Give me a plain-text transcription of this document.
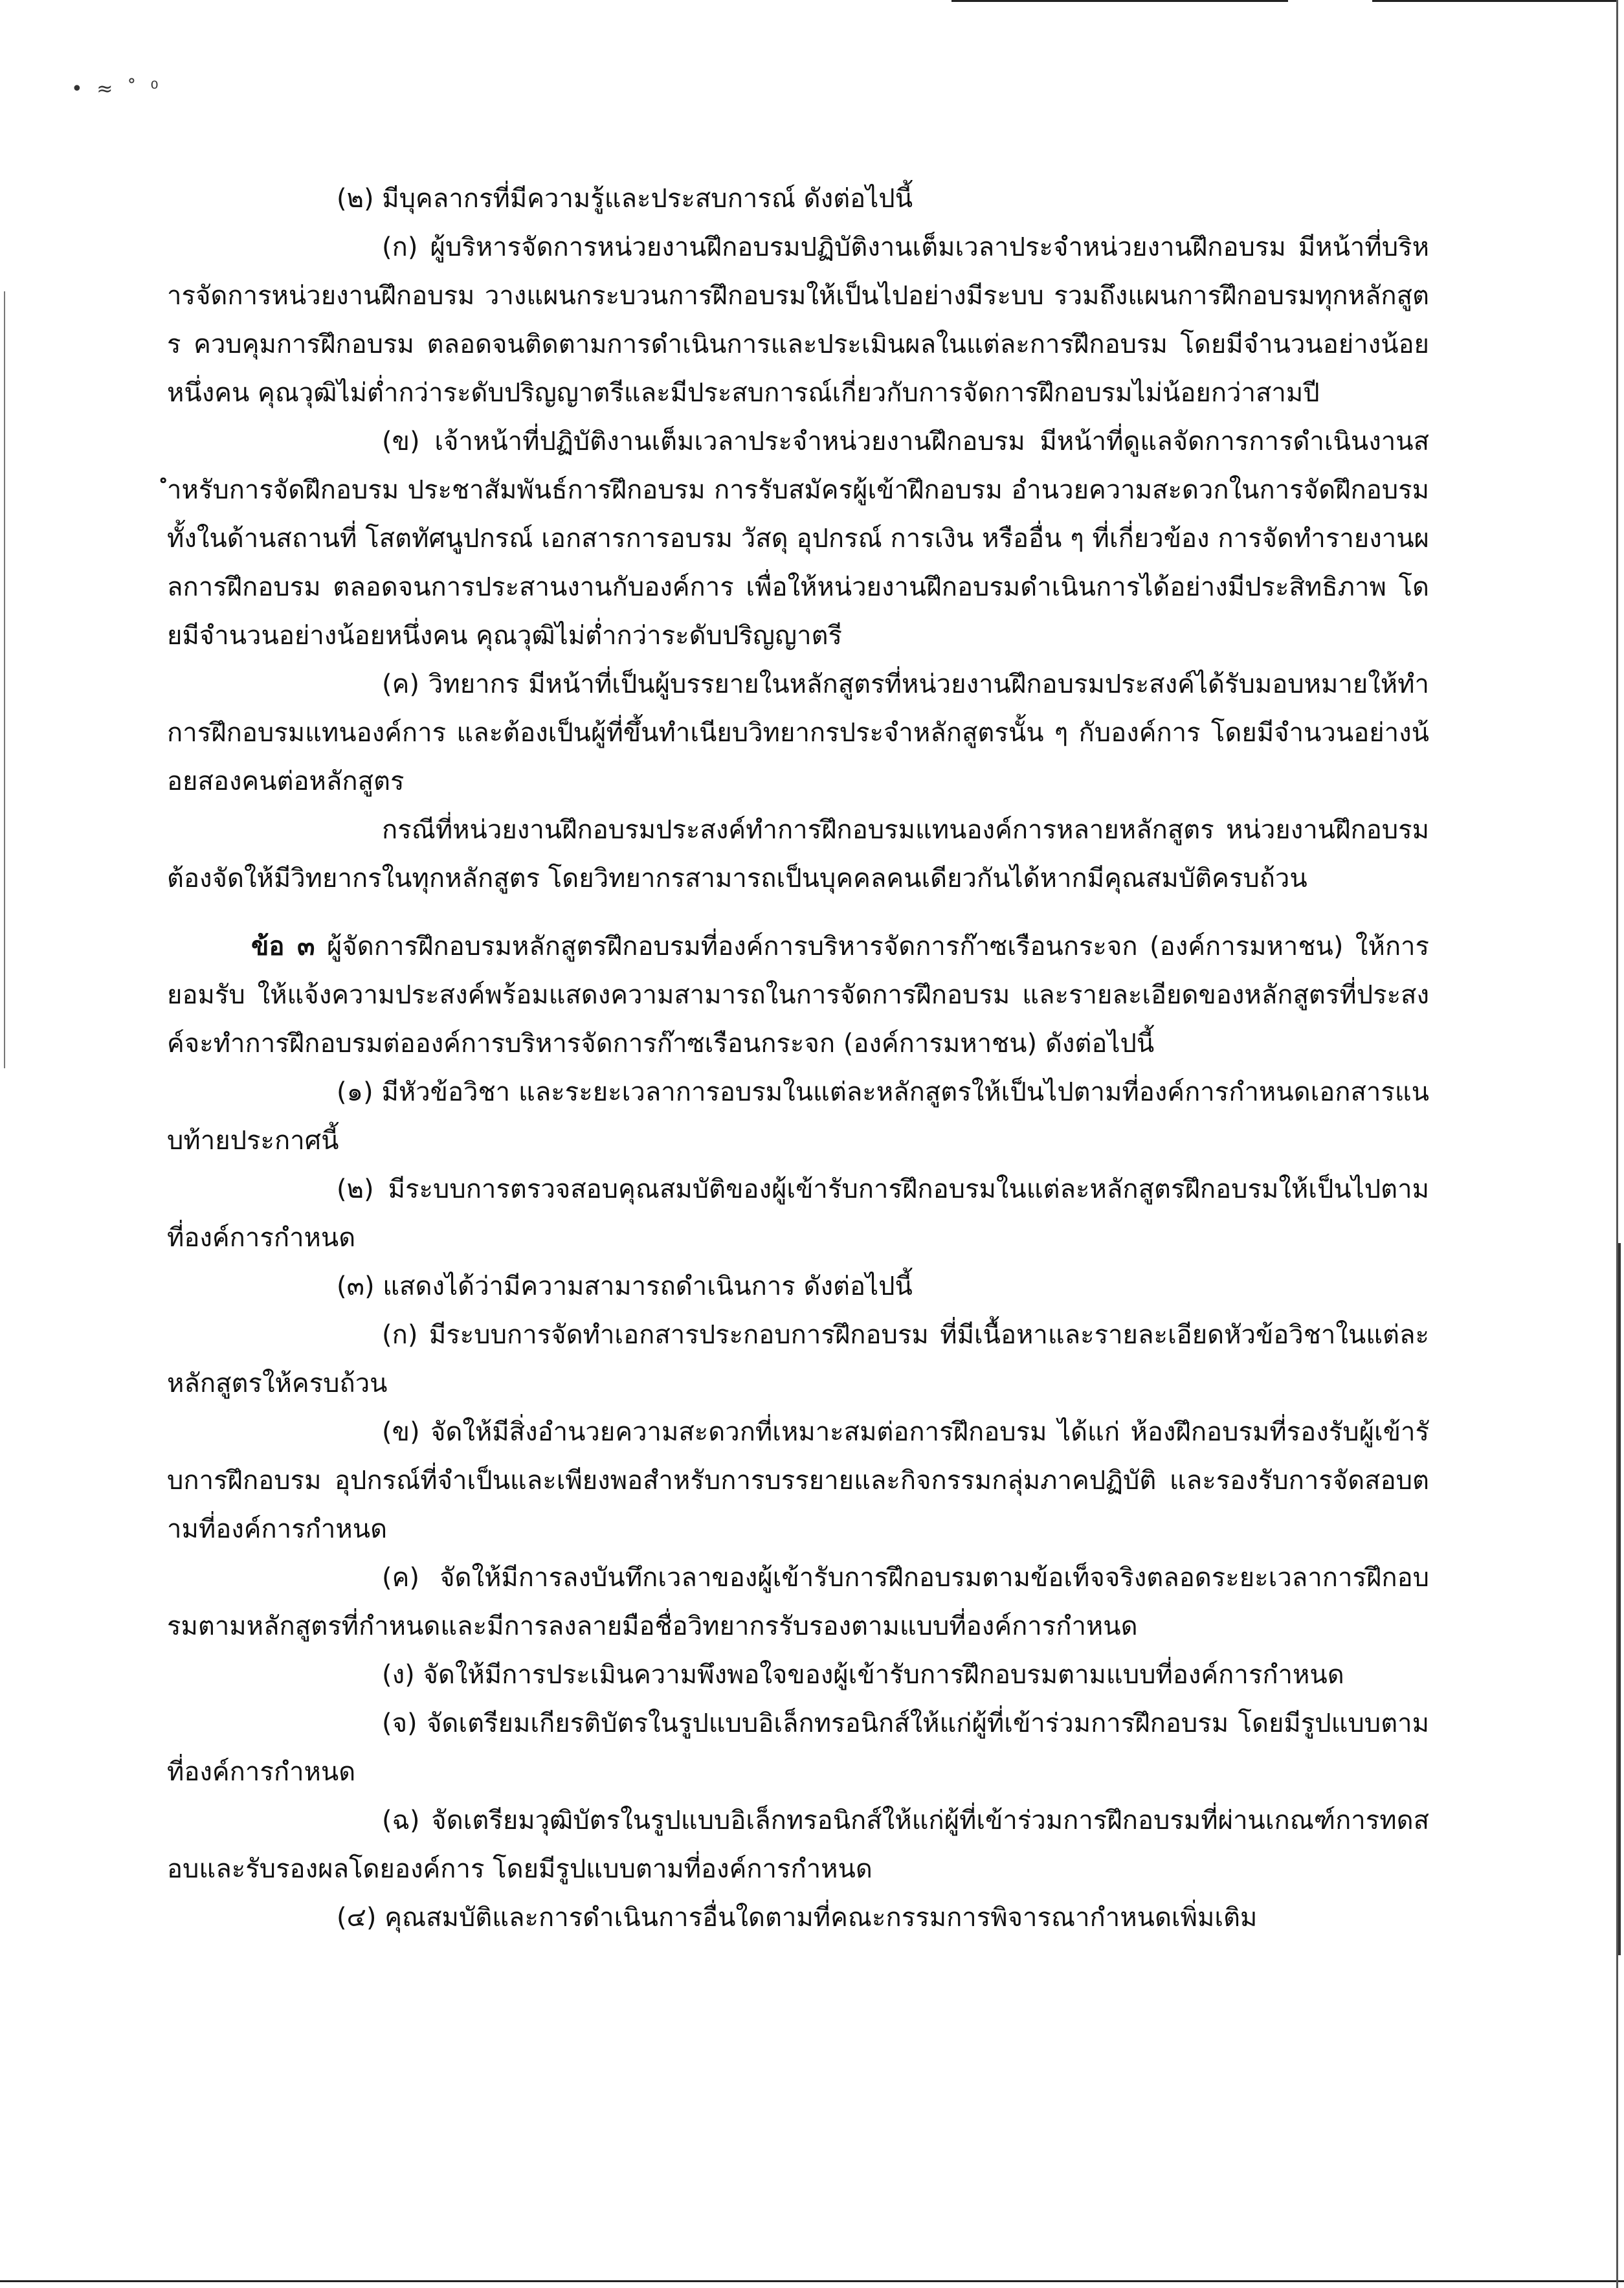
• ≈ ˚ ⁰

(๒) มีบุคลากรที่มีความรู้และประสบการณ์ ดังต่อไปนี้

(ก) ผู้บริหารจัดการหน่วยงานฝึกอบรมปฏิบัติงานเต็มเวลาประจำหน่วยงานฝึกอบรม มีหน้าที่บริหารจัดการหน่วยงานฝึกอบรม วางแผนกระบวนการฝึกอบรมให้เป็นไปอย่างมีระบบ รวมถึงแผนการฝึกอบรมทุกหลักสูตร ควบคุมการฝึกอบรม ตลอดจนติดตามการดำเนินการและประเมินผลในแต่ละการฝึกอบรม โดยมีจำนวนอย่างน้อยหนึ่งคน คุณวุฒิไม่ต่ำกว่าระดับปริญญาตรีและมีประสบการณ์เกี่ยวกับการจัดการฝึกอบรมไม่น้อยกว่าสามปี

(ข) เจ้าหน้าที่ปฏิบัติงานเต็มเวลาประจำหน่วยงานฝึกอบรม มีหน้าที่ดูแลจัดการการดำเนินงานสำหรับการจัดฝึกอบรม ประชาสัมพันธ์การฝึกอบรม การรับสมัครผู้เข้าฝึกอบรม อำนวยความสะดวกในการจัดฝึกอบรม ทั้งในด้านสถานที่ โสตทัศนูปกรณ์ เอกสารการอบรม วัสดุ อุปกรณ์ การเงิน หรืออื่น ๆ ที่เกี่ยวข้อง การจัดทำรายงานผลการฝึกอบรม ตลอดจนการประสานงานกับองค์การ เพื่อให้หน่วยงานฝึกอบรมดำเนินการได้อย่างมีประสิทธิภาพ โดยมีจำนวนอย่างน้อยหนึ่งคน คุณวุฒิไม่ต่ำกว่าระดับปริญญาตรี

(ค) วิทยากร มีหน้าที่เป็นผู้บรรยายในหลักสูตรที่หน่วยงานฝึกอบรมประสงค์ได้รับมอบหมายให้ทำการฝึกอบรมแทนองค์การ และต้องเป็นผู้ที่ขึ้นทำเนียบวิทยากรประจำหลักสูตรนั้น ๆ กับองค์การ โดยมีจำนวนอย่างน้อยสองคนต่อหลักสูตร

กรณีที่หน่วยงานฝึกอบรมประสงค์ทำการฝึกอบรมแทนองค์การหลายหลักสูตร หน่วยงานฝึกอบรมต้องจัดให้มีวิทยากรในทุกหลักสูตร โดยวิทยากรสามารถเป็นบุคคลคนเดียวกันได้หากมีคุณสมบัติครบถ้วน

ข้อ ๓ ผู้จัดการฝึกอบรมหลักสูตรฝึกอบรมที่องค์การบริหารจัดการก๊าซเรือนกระจก (องค์การมหาชน) ให้การยอมรับ ให้แจ้งความประสงค์พร้อมแสดงความสามารถในการจัดการฝึกอบรม และรายละเอียดของหลักสูตรที่ประสงค์จะทำการฝึกอบรมต่อองค์การบริหารจัดการก๊าซเรือนกระจก (องค์การมหาชน) ดังต่อไปนี้

(๑) มีหัวข้อวิชา และระยะเวลาการอบรมในแต่ละหลักสูตรให้เป็นไปตามที่องค์การกำหนดเอกสารแนบท้ายประกาศนี้

(๒) มีระบบการตรวจสอบคุณสมบัติของผู้เข้ารับการฝึกอบรมในแต่ละหลักสูตรฝึกอบรมให้เป็นไปตามที่องค์การกำหนด

(๓) แสดงได้ว่ามีความสามารถดำเนินการ ดังต่อไปนี้

(ก) มีระบบการจัดทำเอกสารประกอบการฝึกอบรม ที่มีเนื้อหาและรายละเอียดหัวข้อวิชาในแต่ละหลักสูตรให้ครบถ้วน

(ข) จัดให้มีสิ่งอำนวยความสะดวกที่เหมาะสมต่อการฝึกอบรม ได้แก่ ห้องฝึกอบรมที่รองรับผู้เข้ารับการฝึกอบรม อุปกรณ์ที่จำเป็นและเพียงพอสำหรับการบรรยายและกิจกรรมกลุ่มภาคปฏิบัติ และรองรับการจัดสอบตามที่องค์การกำหนด

(ค) จัดให้มีการลงบันทึกเวลาของผู้เข้ารับการฝึกอบรมตามข้อเท็จจริงตลอดระยะเวลาการฝึกอบรมตามหลักสูตรที่กำหนดและมีการลงลายมือชื่อวิทยากรรับรองตามแบบที่องค์การกำหนด

(ง) จัดให้มีการประเมินความพึงพอใจของผู้เข้ารับการฝึกอบรมตามแบบที่องค์การกำหนด

(จ) จัดเตรียมเกียรติบัตรในรูปแบบอิเล็กทรอนิกส์ให้แก่ผู้ที่เข้าร่วมการฝึกอบรม โดยมีรูปแบบตามที่องค์การกำหนด

(ฉ) จัดเตรียมวุฒิบัตรในรูปแบบอิเล็กทรอนิกส์ให้แก่ผู้ที่เข้าร่วมการฝึกอบรมที่ผ่านเกณฑ์การทดสอบและรับรองผลโดยองค์การ โดยมีรูปแบบตามที่องค์การกำหนด

(๔) คุณสมบัติและการดำเนินการอื่นใดตามที่คณะกรรมการพิจารณากำหนดเพิ่มเติม
